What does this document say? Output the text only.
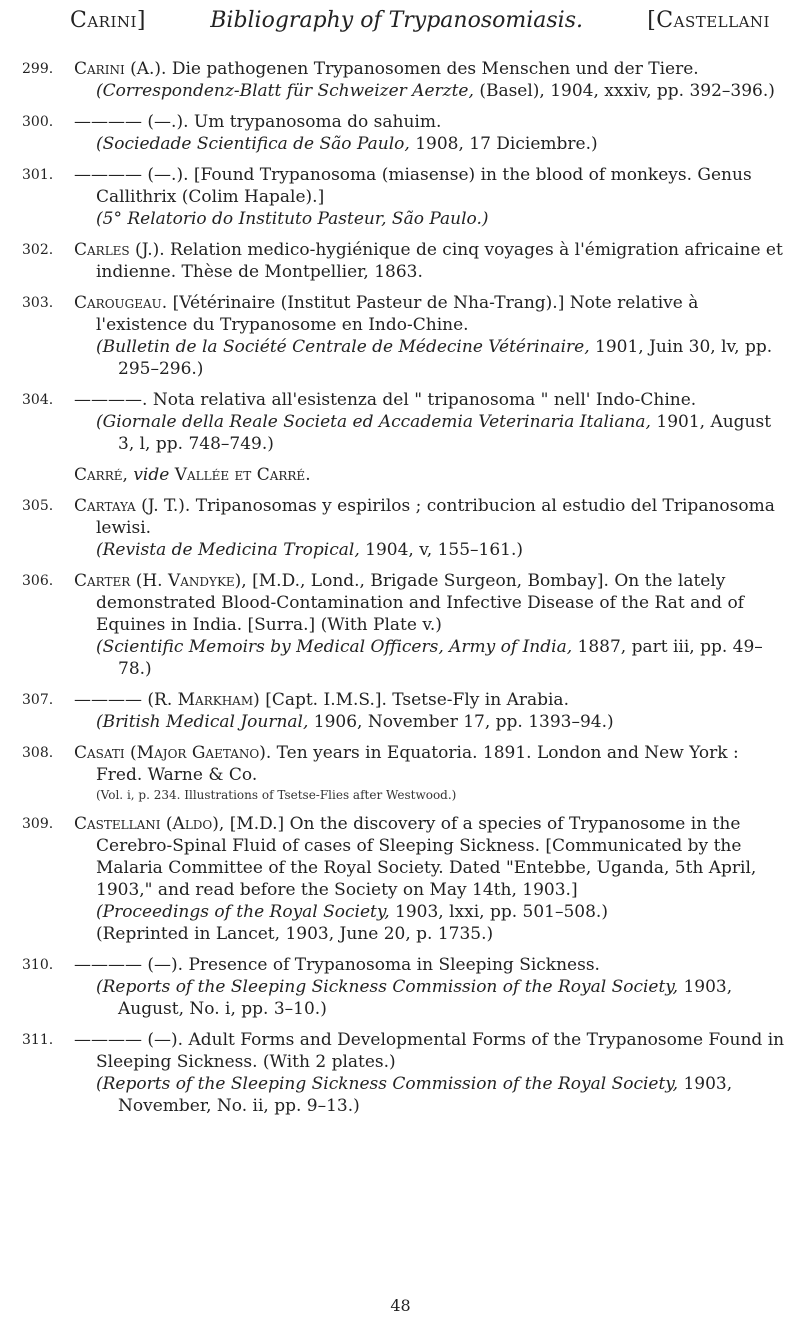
Carini]	Bibliography of Trypanosomiasis.	[Castellani
299.	Carini (A.). Die pathogenen Trypanosomen des Menschen und der Tiere.
(Correspondenz-Blatt für Schweizer Aerzte, (Basel), 1904, xxxiv, pp. 392–396.)
300.	———— (—.). Um trypanosoma do sahuim.
(Sociedade Scientifica de São Paulo, 1908, 17 Diciembre.)
301.	———— (—.). [Found Trypanosoma (miasense) in the blood of monkeys. Genus Callithrix (Colim Hapale).]
(5° Relatorio do Instituto Pasteur, São Paulo.)
302.	Carles (J.). Relation medico-hygiénique de cinq voyages à l'émigration africaine et indienne. Thèse de Montpellier, 1863.
303.	Carougeau. [Vétérinaire (Institut Pasteur de Nha-Trang).] Note relative à l'existence du Trypanosome en Indo-Chine.
(Bulletin de la Société Centrale de Médecine Vétérinaire, 1901, Juin 30, lv, pp. 295–296.)
304.	————. Nota relativa all'esistenza del " tripanosoma " nell' Indo-Chine.
(Giornale della Reale Societa ed Accademia Veterinaria Italiana, 1901, August 3, l, pp. 748–749.)
Carré, vide Vallée et Carré.
305.	Cartaya (J. T.). Tripanosomas y espirilos ; contribucion al estudio del Tripanosoma lewisi.
(Revista de Medicina Tropical, 1904, v, 155–161.)
306.	Carter (H. Vandyke), [M.D., Lond., Brigade Surgeon, Bombay]. On the lately demonstrated Blood-Contamination and Infective Disease of the Rat and of Equines in India. [Surra.] (With Plate v.)
(Scientific Memoirs by Medical Officers, Army of India, 1887, part iii, pp. 49–78.)
307.	———— (R. Markham) [Capt. I.M.S.]. Tsetse-Fly in Arabia.
(British Medical Journal, 1906, November 17, pp. 1393–94.)
308.	Casati (Major Gaetano). Ten years in Equatoria. 1891. London and New York : Fred. Warne & Co.
(Vol. i, p. 234. Illustrations of Tsetse-Flies after Westwood.)
309.	Castellani (Aldo), [M.D.] On the discovery of a species of Trypanosome in the Cerebro-Spinal Fluid of cases of Sleeping Sickness. [Communicated by the Malaria Committee of the Royal Society. Dated "Entebbe, Uganda, 5th April, 1903," and read before the Society on May 14th, 1903.]
(Proceedings of the Royal Society, 1903, lxxi, pp. 501–508.)
(Reprinted in Lancet, 1903, June 20, p. 1735.)
310.	———— (—). Presence of Trypanosoma in Sleeping Sickness.
(Reports of the Sleeping Sickness Commission of the Royal Society, 1903, August, No. i, pp. 3–10.)
311.	———— (—). Adult Forms and Developmental Forms of the Trypanosome Found in Sleeping Sickness. (With 2 plates.)
(Reports of the Sleeping Sickness Commission of the Royal Society, 1903, November, No. ii, pp. 9–13.)
48
